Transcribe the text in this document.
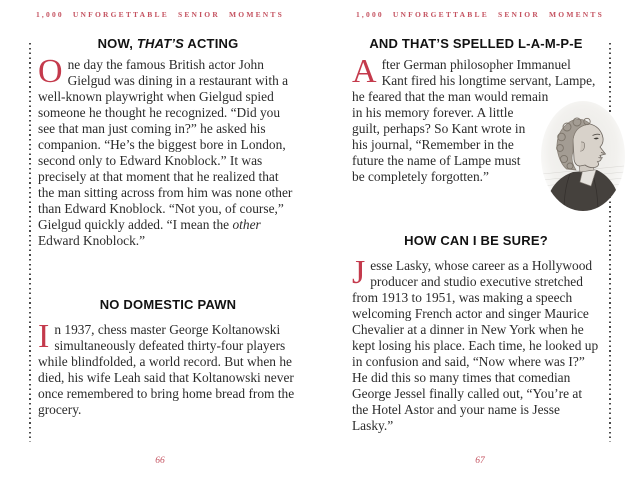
1,000 UNFORGETTABLE SENIOR MOMENTS
NOW, THAT’S ACTING

One day the famous British actor John Gielgud was dining in a restaurant with a well-known playwright when Gielgud spied someone he thought he recognized. “Did you see that man just coming in?” he asked his companion. “He’s the biggest bore in London, second only to Edward Knoblock.” It was precisely at that moment that he realized that the man sitting across from him was none other than Edward Knoblock. “Not you, of course,” Gielgud quickly added. “I mean the other Edward Knoblock.”

NO DOMESTIC PAWN

In 1937, chess master George Koltanowski simultaneously defeated thirty-four players while blindfolded, a world record. But when he died, his wife Leah said that Koltanowski never once remembered to bring home bread from the grocery.

66
1,000 UNFORGETTABLE SENIOR MOMENTS
AND THAT’S SPELLED L-A-M-P-E

A fter German philosopher Immanuel Kant fired his longtime servant, Lampe, he feared that the man would remain in his memory forever. A little guilt, perhaps? So Kant wrote in his journal, “Remember in the future the name of Lampe must be completely forgotten.”

HOW CAN I BE SURE?

Jesse Lasky, whose career as a Hollywood producer and studio executive stretched from 1913 to 1951, was making a speech welcoming French actor and singer Maurice Chevalier at a dinner in New York when he kept losing his place. Each time, he looked up in confusion and said, “Now where was I?” He did this so many times that comedian George Jessel finally called out, “You’re at the Hotel Astor and your name is Jesse Lasky.”

67
